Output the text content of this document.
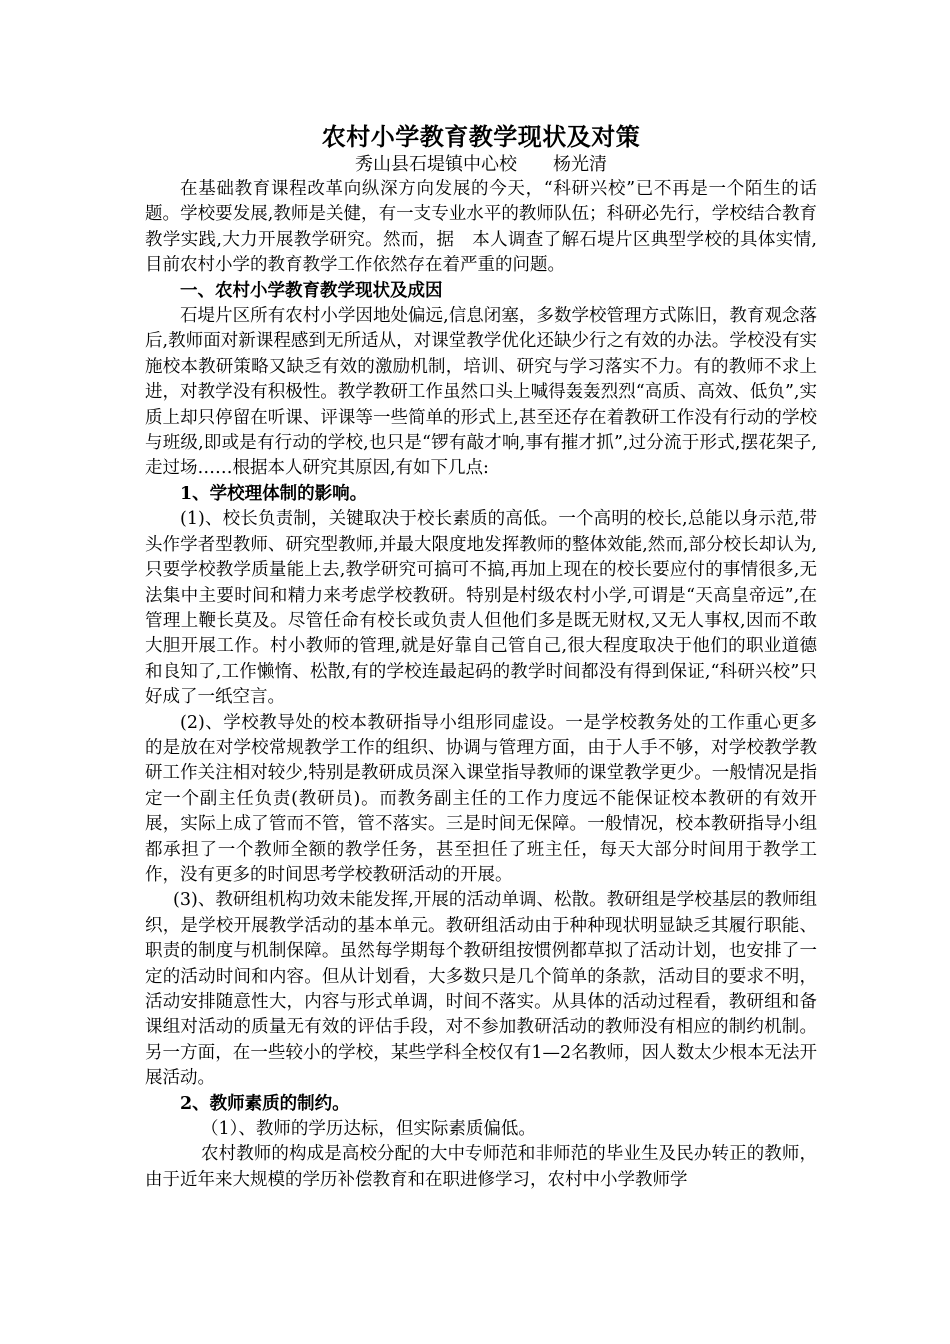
农村小学教育教学现状及对策
秀山县石堤镇中心校 杨光清

在基础教育课程改革向纵深方向发展的今天，“科研兴校”已不再是一个陌生的话题。学校要发展,教师是关健，有一支专业水平的教师队伍；科研必先行，学校结合教育教学实践,大力开展教学研究。然而，据　本人调查了解石堤片区典型学校的具体实情,目前农村小学的教育教学工作依然存在着严重的问题。

一、农村小学教育教学现状及成因

石堤片区所有农村小学因地处偏远,信息闭塞，多数学校管理方式陈旧，教育观念落后,教师面对新课程感到无所适从，对课堂教学优化还缺少行之有效的办法。学校没有实施校本教研策略又缺乏有效的激励机制，培训、研究与学习落实不力。有的教师不求上进，对教学没有积极性。教学教研工作虽然口头上喊得轰轰烈烈“高质、高效、低负”,实质上却只停留在听课、评课等一些简单的形式上,甚至还存在着教研工作没有行动的学校与班级,即或是有行动的学校,也只是“锣有敲才响,事有摧才抓”,过分流于形式,摆花架子,走过场……根据本人研究其原因,有如下几点:

1、学校理体制的影响。

(1)、校长负责制，关键取决于校长素质的高低。一个高明的校长,总能以身示范,带头作学者型教师、研究型教师,并最大限度地发挥教师的整体效能,然而,部分校长却认为,只要学校教学质量能上去,教学研究可搞可不搞,再加上现在的校长要应付的事情很多,无法集中主要时间和精力来考虑学校教研。特别是村级农村小学,可谓是“天高皇帝远”,在管理上鞭长莫及。尽管任命有校长或负责人但他们多是既无财权,又无人事权,因而不敢大胆开展工作。村小教师的管理,就是好靠自己管自己,很大程度取决于他们的职业道德和良知了,工作懒惰、松散,有的学校连最起码的教学时间都没有得到保证,“科研兴校”只好成了一纸空言。

(2)、学校教导处的校本教研指导小组形同虚设。一是学校教务处的工作重心更多的是放在对学校常规教学工作的组织、协调与管理方面，由于人手不够，对学校教学教研工作关注相对较少,特别是教研成员深入课堂指导教师的课堂教学更少。一般情况是指定一个副主任负责(教研员)。而教务副主任的工作力度远不能保证校本教研的有效开展，实际上成了管而不管，管不落实。三是时间无保障。一般情况，校本教研指导小组都承担了一个教师全额的教学任务，甚至担任了班主任，每天大部分时间用于教学工作，没有更多的时间思考学校教研活动的开展。

(3)、教研组机构功效未能发挥,开展的活动单调、松散。教研组是学校基层的教师组织，是学校开展教学活动的基本单元。教研组活动由于种种现状明显缺乏其履行职能、职责的制度与机制保障。虽然每学期每个教研组按惯例都草拟了活动计划，也安排了一定的活动时间和内容。但从计划看，大多数只是几个简单的条款，活动目的要求不明，活动安排随意性大，内容与形式单调，时间不落实。从具体的活动过程看，教研组和备课组对活动的质量无有效的评估手段，对不参加教研活动的教师没有相应的制约机制。另一方面，在一些较小的学校，某些学科全校仅有1—2名教师，因人数太少根本无法开展活动。

2、教师素质的制约。

（1）、教师的学历达标，但实际素质偏低。

农村教师的构成是高校分配的大中专师范和非师范的毕业生及民办转正的教师，由于近年来大规模的学历补偿教育和在职进修学习，农村中小学教师学
